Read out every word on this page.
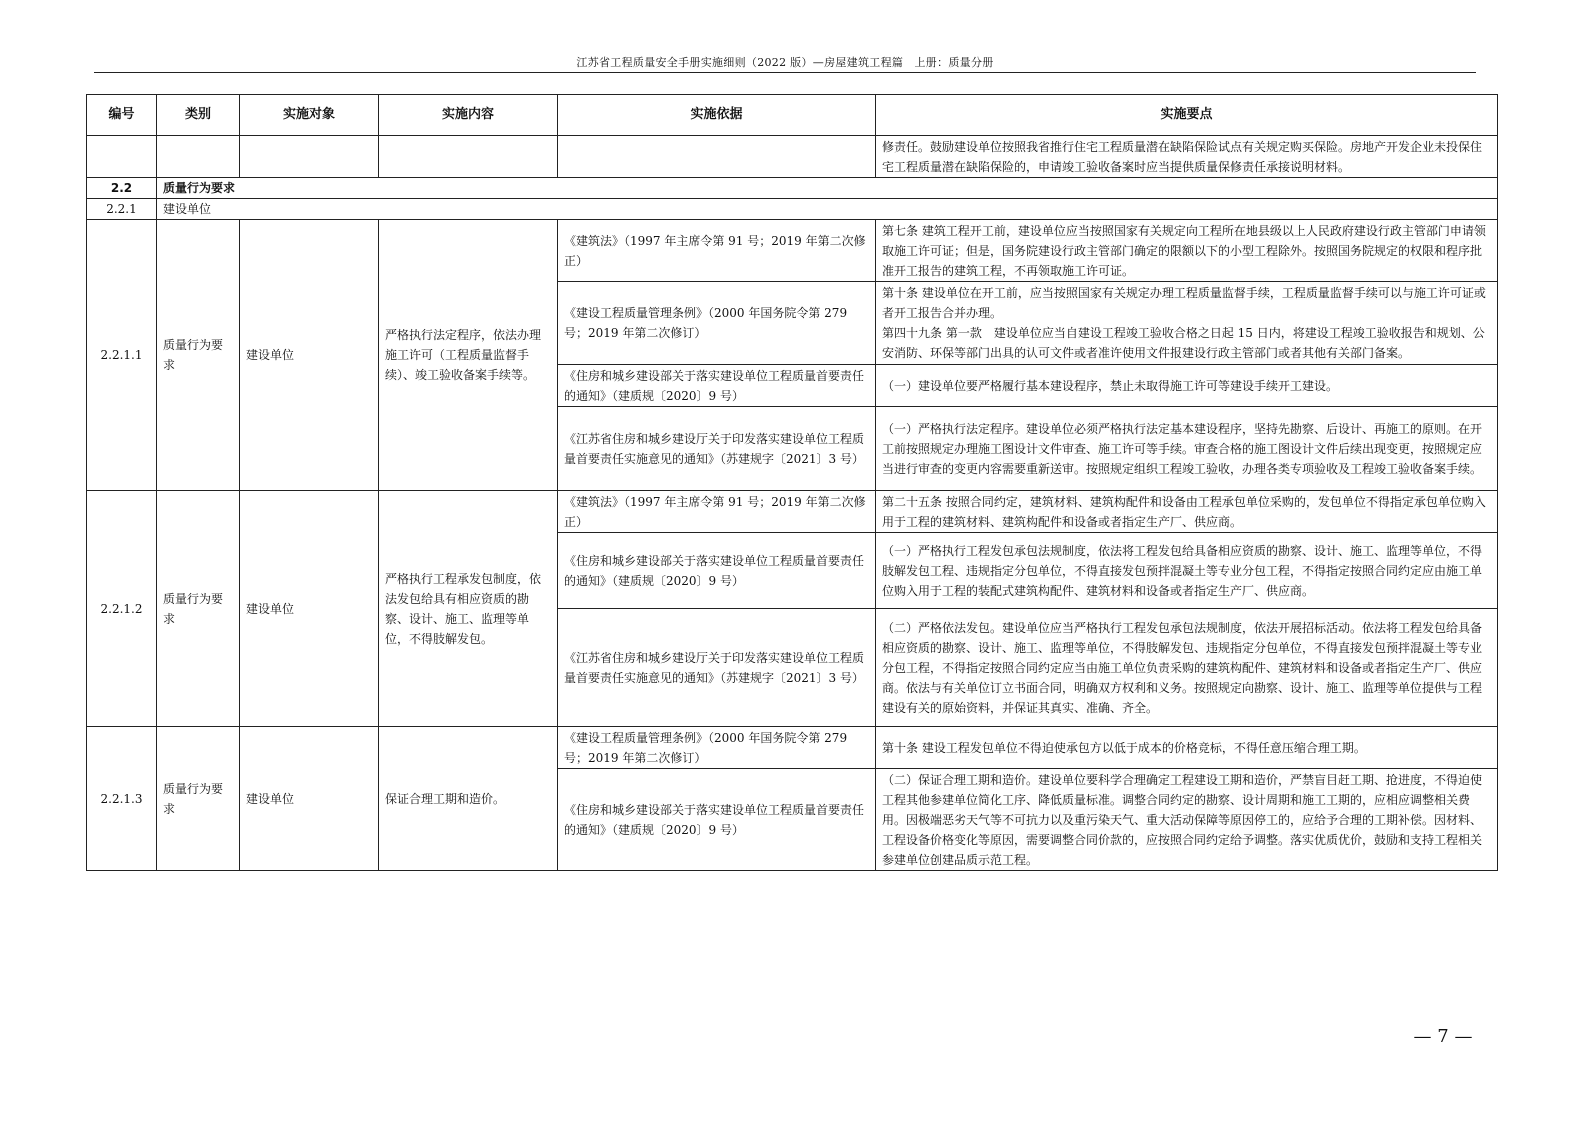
江苏省工程质量安全手册实施细则（2022 版）—房屋建筑工程篇　上册：质量分册
编号	类别	实施对象	实施内容	实施依据	实施要点
					修责任。鼓励建设单位按照我省推行住宅工程质量潜在缺陷保险试点有关规定购买保险。房地产开发企业未投保住宅工程质量潜在缺陷保险的，申请竣工验收备案时应当提供质量保修责任承接说明材料。
2.2	质量行为要求				
2.2.1	建设单位				
2.2.1.1	质量行为要求	建设单位	严格执行法定程序，依法办理施工许可（工程质量监督手续）、竣工验收备案手续等。	《建筑法》（1997 年主席令第 91 号；2019 年第二次修正）	第七条 建筑工程开工前，建设单位应当按照国家有关规定向工程所在地县级以上人民政府建设行政主管部门申请领取施工许可证；但是，国务院建设行政主管部门确定的限额以下的小型工程除外。按照国务院规定的权限和程序批准开工报告的建筑工程，不再领取施工许可证。
				《建设工程质量管理条例》（2000 年国务院令第 279 号；2019 年第二次修订）	第十条 建设单位在开工前，应当按照国家有关规定办理工程质量监督手续，工程质量监督手续可以与施工许可证或者开工报告合并办理。
第四十九条 第一款　建设单位应当自建设工程竣工验收合格之日起 15 日内，将建设工程竣工验收报告和规划、公安消防、环保等部门出具的认可文件或者准许使用文件报建设行政主管部门或者其他有关部门备案。
				《住房和城乡建设部关于落实建设单位工程质量首要责任的通知》（建质规〔2020〕9 号）	（一）建设单位要严格履行基本建设程序，禁止未取得施工许可等建设手续开工建设。
				《江苏省住房和城乡建设厅关于印发落实建设单位工程质量首要责任实施意见的通知》（苏建规字〔2021〕3 号）	（一）严格执行法定程序。建设单位必须严格执行法定基本建设程序，坚持先勘察、后设计、再施工的原则。在开工前按照规定办理施工图设计文件审查、施工许可等手续。审查合格的施工图设计文件后续出现变更，按照规定应当进行审查的变更内容需要重新送审。按照规定组织工程竣工验收，办理各类专项验收及工程竣工验收备案手续。
2.2.1.2	质量行为要求	建设单位	严格执行工程承发包制度，依法发包给具有相应资质的勘察、设计、施工、监理等单位，不得肢解发包。	《建筑法》（1997 年主席令第 91 号；2019 年第二次修正）	第二十五条 按照合同约定，建筑材料、建筑构配件和设备由工程承包单位采购的，发包单位不得指定承包单位购入用于工程的建筑材料、建筑构配件和设备或者指定生产厂、供应商。
				《住房和城乡建设部关于落实建设单位工程质量首要责任的通知》（建质规〔2020〕9 号）	（一）严格执行工程发包承包法规制度，依法将工程发包给具备相应资质的勘察、设计、施工、监理等单位，不得肢解发包工程、违规指定分包单位，不得直接发包预拌混凝土等专业分包工程，不得指定按照合同约定应由施工单位购入用于工程的装配式建筑构配件、建筑材料和设备或者指定生产厂、供应商。
				《江苏省住房和城乡建设厅关于印发落实建设单位工程质量首要责任实施意见的通知》（苏建规字〔2021〕3 号）	（二）严格依法发包。建设单位应当严格执行工程发包承包法规制度，依法开展招标活动。依法将工程发包给具备相应资质的勘察、设计、施工、监理等单位，不得肢解发包、违规指定分包单位，不得直接发包预拌混凝土等专业分包工程，不得指定按照合同约定应当由施工单位负责采购的建筑构配件、建筑材料和设备或者指定生产厂、供应商。依法与有关单位订立书面合同，明确双方权利和义务。按照规定向勘察、设计、施工、监理等单位提供与工程建设有关的原始资料，并保证其真实、准确、齐全。
2.2.1.3	质量行为要求	建设单位	保证合理工期和造价。	《建设工程质量管理条例》（2000 年国务院令第 279 号；2019 年第二次修订）	第十条 建设工程发包单位不得迫使承包方以低于成本的价格竞标，不得任意压缩合理工期。
				《住房和城乡建设部关于落实建设单位工程质量首要责任的通知》（建质规〔2020〕9 号）	（二）保证合理工期和造价。建设单位要科学合理确定工程建设工期和造价，严禁盲目赶工期、抢进度，不得迫使工程其他参建单位简化工序、降低质量标准。调整合同约定的勘察、设计周期和施工工期的，应相应调整相关费用。因极端恶劣天气等不可抗力以及重污染天气、重大活动保障等原因停工的，应给予合理的工期补偿。因材料、工程设备价格变化等原因，需要调整合同价款的，应按照合同约定给予调整。落实优质优价，鼓励和支持工程相关参建单位创建品质示范工程。
— 7 —
